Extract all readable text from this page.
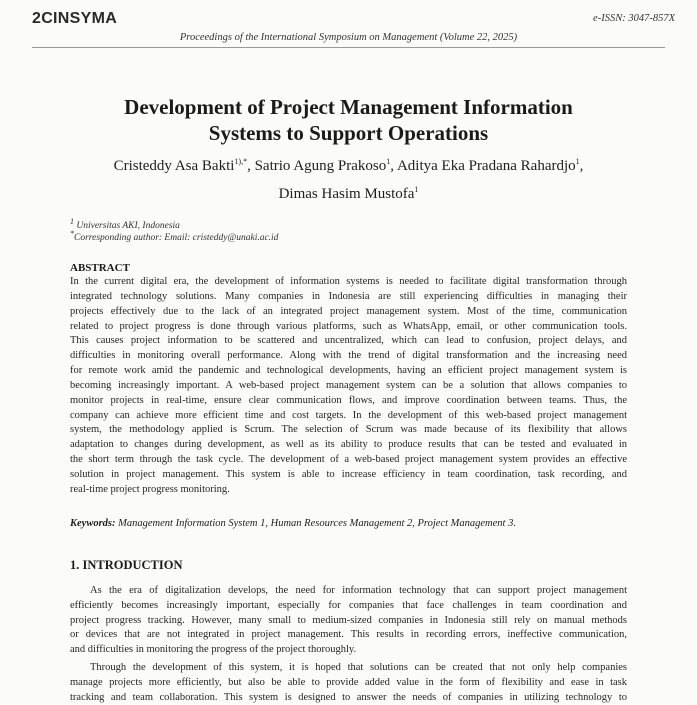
2CINSYMA	e-ISSN: 3047-857X
Proceedings of the International Symposium on Management (Volume 22, 2025)
Development of Project Management Information
Systems to Support Operations
Cristeddy Asa Bakti$^{1),*}$, Satrio Agung Prakoso$^1$, Aditya Eka Pradana Rahardjo$^1$,
Dimas Hasim Mustofa$^1$
$^1$ Universitas AKI, Indonesia
*Corresponding author: Email: cristeddy@unaki.ac.id
ABSTRACT
In the current digital era, the development of information systems is needed to facilitate digital transformation through
integrated technology solutions. Many companies in Indonesia are still experiencing difficulties in managing their
projects effectively due to the lack of an integrated project management system. Most of the time, communication
related to project progress is done through various platforms, such as WhatsApp, email, or other communication tools.
This causes project information to be scattered and uncentralized, which can lead to confusion, project delays, and
difficulties in monitoring overall performance. Along with the trend of digital transformation and the increasing need
for remote work amid the pandemic and technological developments, having an efficient project management system is
becoming increasingly important. A web-based project management system can be a solution that allows companies to
monitor projects in real-time, ensure clear communication flows, and improve coordination between teams. Thus, the
company can achieve more efficient time and cost targets. In the development of this web-based project management
system, the methodology applied is Scrum. The selection of Scrum was made because of its flexibility that allows
adaptation to changes during development, as well as its ability to produce results that can be tested and evaluated in
the short term through the task cycle. The development of a web-based project management system provides an effective
solution in project management. This system is able to increase efficiency in team coordination, task recording, and
real-time project progress monitoring.
Keywords: Management Information System 1, Human Resources Management 2, Project Management 3.
1. INTRODUCTION
As the era of digitalization develops, the need for information technology that can support project management
efficiently becomes increasingly important, especially for companies that face challenges in team coordination and
project progress tracking. However, many small to medium-sized companies in Indonesia still rely on manual methods
or devices that are not integrated in project management. This results in recording errors, ineffective communication,
and difficulties in monitoring the progress of the project thoroughly.
Through the development of this system, it is hoped that solutions can be created that not only help companies
manage projects more efficiently, but also be able to provide added value in the form of flexibility and ease in task
tracking and team collaboration. This system is designed to answer the needs of companies in utilizing technology to
